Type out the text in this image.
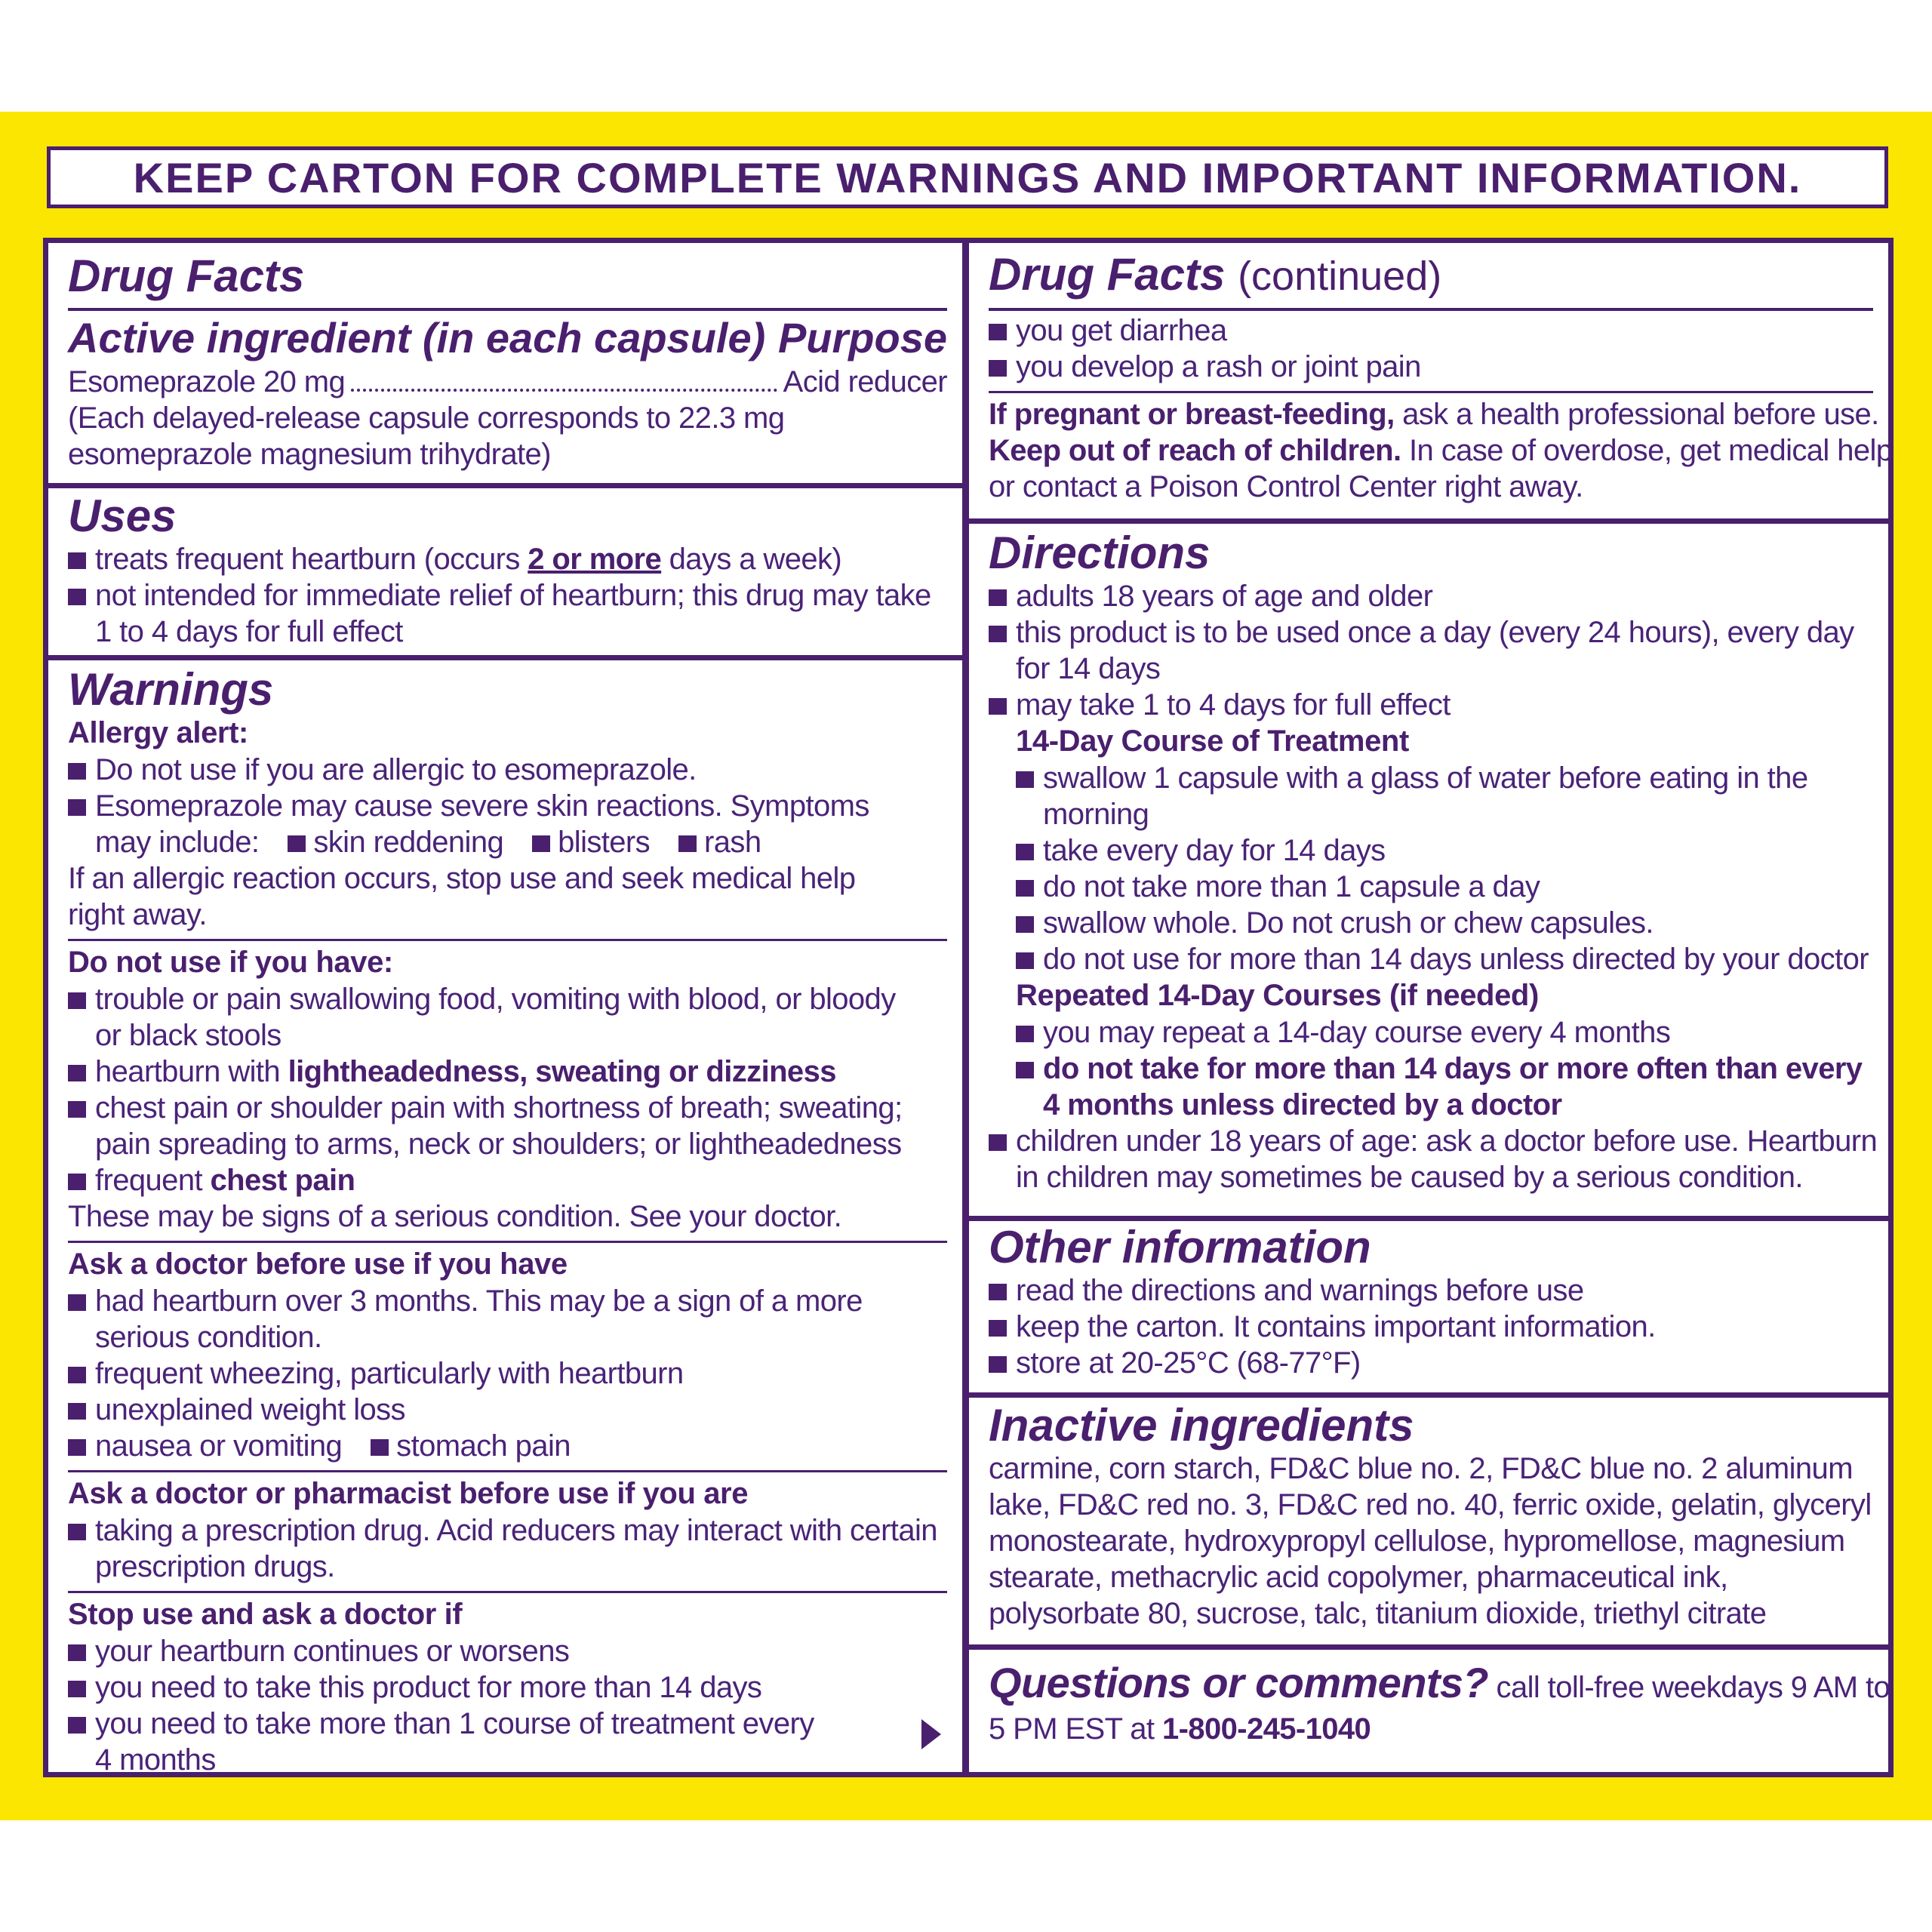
KEEP CARTON FOR COMPLETE WARNINGS AND IMPORTANT INFORMATION.

Drug Facts

Active ingredient (in each capsule) Purpose

Esomeprazole 20 mg	Acid reducer

(Each delayed-release capsule corresponds to 22.3 mg

esomeprazole magnesium trihydrate)

Uses

treats frequent heartburn (occurs 2 or more days a week)

not intended for immediate relief of heartburn; this drug may take

1 to 4 days for full effect

Warnings

Allergy alert:

Do not use if you are allergic to esomeprazole.

Esomeprazole may cause severe skin reactions. Symptoms

may include: skin reddening blisters rash

If an allergic reaction occurs, stop use and seek medical help

right away.

Do not use if you have:

trouble or pain swallowing food, vomiting with blood, or bloody

or black stools

heartburn with lightheadedness, sweating or dizziness

chest pain or shoulder pain with shortness of breath; sweating;

pain spreading to arms, neck or shoulders; or lightheadedness

frequent chest pain

These may be signs of a serious condition. See your doctor.

Ask a doctor before use if you have

had heartburn over 3 months. This may be a sign of a more

serious condition.

frequent wheezing, particularly with heartburn

unexplained weight loss

nausea or vomiting stomach pain

Ask a doctor or pharmacist before use if you are

taking a prescription drug. Acid reducers may interact with certain

prescription drugs.

Stop use and ask a doctor if

your heartburn continues or worsens

you need to take this product for more than 14 days

you need to take more than 1 course of treatment every

4 months

Drug Facts (continued)

you get diarrhea

you develop a rash or joint pain

If pregnant or breast-feeding, ask a health professional before use.

Keep out of reach of children. In case of overdose, get medical help

or contact a Poison Control Center right away.

Directions

adults 18 years of age and older

this product is to be used once a day (every 24 hours), every day

for 14 days

may take 1 to 4 days for full effect

14-Day Course of Treatment

swallow 1 capsule with a glass of water before eating in the

morning

take every day for 14 days

do not take more than 1 capsule a day

swallow whole. Do not crush or chew capsules.

do not use for more than 14 days unless directed by your doctor

Repeated 14-Day Courses (if needed)

you may repeat a 14-day course every 4 months

do not take for more than 14 days or more often than every

4 months unless directed by a doctor

children under 18 years of age: ask a doctor before use. Heartburn

in children may sometimes be caused by a serious condition.

Other information

read the directions and warnings before use

keep the carton. It contains important information.

store at 20-25°C (68-77°F)

Inactive ingredients

carmine, corn starch, FD&C blue no. 2, FD&C blue no. 2 aluminum

lake, FD&C red no. 3, FD&C red no. 40, ferric oxide, gelatin, glyceryl

monostearate, hydroxypropyl cellulose, hypromellose, magnesium

stearate, methacrylic acid copolymer, pharmaceutical ink,

polysorbate 80, sucrose, talc, titanium dioxide, triethyl citrate

Questions or comments? call toll-free weekdays 9 AM to

5 PM EST at 1-800-245-1040
